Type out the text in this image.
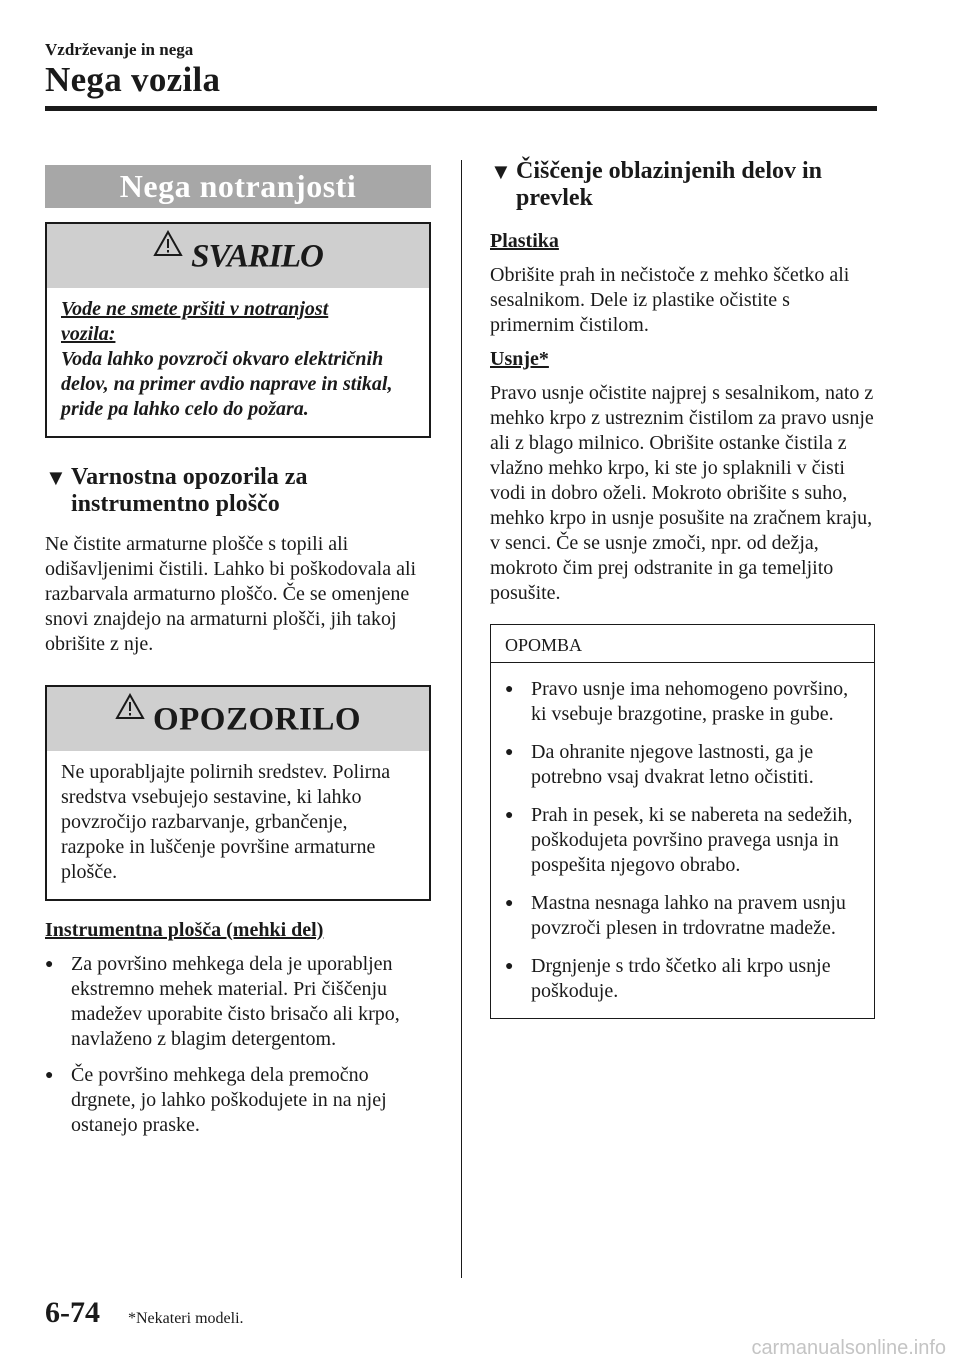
Vzdrževanje in nega
Nega vozila
Nega notranjosti
SVARILO
Vode ne smete pršiti v notranjost
vozila:
Voda lahko povzroči okvaro električnih delov, na primer avdio naprave in stikal, pride pa lahko celo do požara.
▼ Varnostna opozorila za instrumentno ploščo
Ne čistite armaturne plošče s topili ali odišavljenimi čistili. Lahko bi poškodovala ali razbarvala armaturno ploščo. Če se omenjene snovi znajdejo na armaturni plošči, jih takoj obrišite z nje.
OPOZORILO
Ne uporabljajte polirnih sredstev. Polirna sredstva vsebujejo sestavine, ki lahko povzročijo razbarvanje, grbančenje, razpoke in luščenje površine armaturne plošče.
Instrumentna plošča (mehki del)
● Za površino mehkega dela je uporabljen ekstremno mehek material. Pri čiščenju madežev uporabite čisto brisačo ali krpo, navlaženo z blagim detergentom.
● Če površino mehkega dela premočno drgnete, jo lahko poškodujete in na njej ostanejo praske.
▼ Čiščenje oblazinjenih delov in prevlek
Plastika
Obrišite prah in nečistoče z mehko ščetko ali sesalnikom. Dele iz plastike očistite s primernim čistilom.
Usnje*
Pravo usnje očistite najprej s sesalnikom, nato z mehko krpo z ustreznim čistilom za pravo usnje ali z blago milnico. Obrišite ostanke čistila z vlažno mehko krpo, ki ste jo splaknili v čisti vodi in dobro oželi. Mokroto obrišite s suho, mehko krpo in usnje posušite na zračnem kraju, v senci. Če se usnje zmoči, npr. od dežja, mokroto čim prej odstranite in ga temeljito posušite.
OPOMBA
● Pravo usnje ima nehomogeno površino, ki vsebuje brazgotine, praske in gube.
● Da ohranite njegove lastnosti, ga je potrebno vsaj dvakrat letno očistiti.
● Prah in pesek, ki se nabereta na sedežih, poškodujeta površino pravega usnja in pospešita njegovo obrabo.
● Mastna nesnaga lahko na pravem usnju povzroči plesen in trdovratne madeže.
● Drgnjenje s trdo ščetko ali krpo usnje poškoduje.
6-74 *Nekateri modeli.
carmanualsonline.info
